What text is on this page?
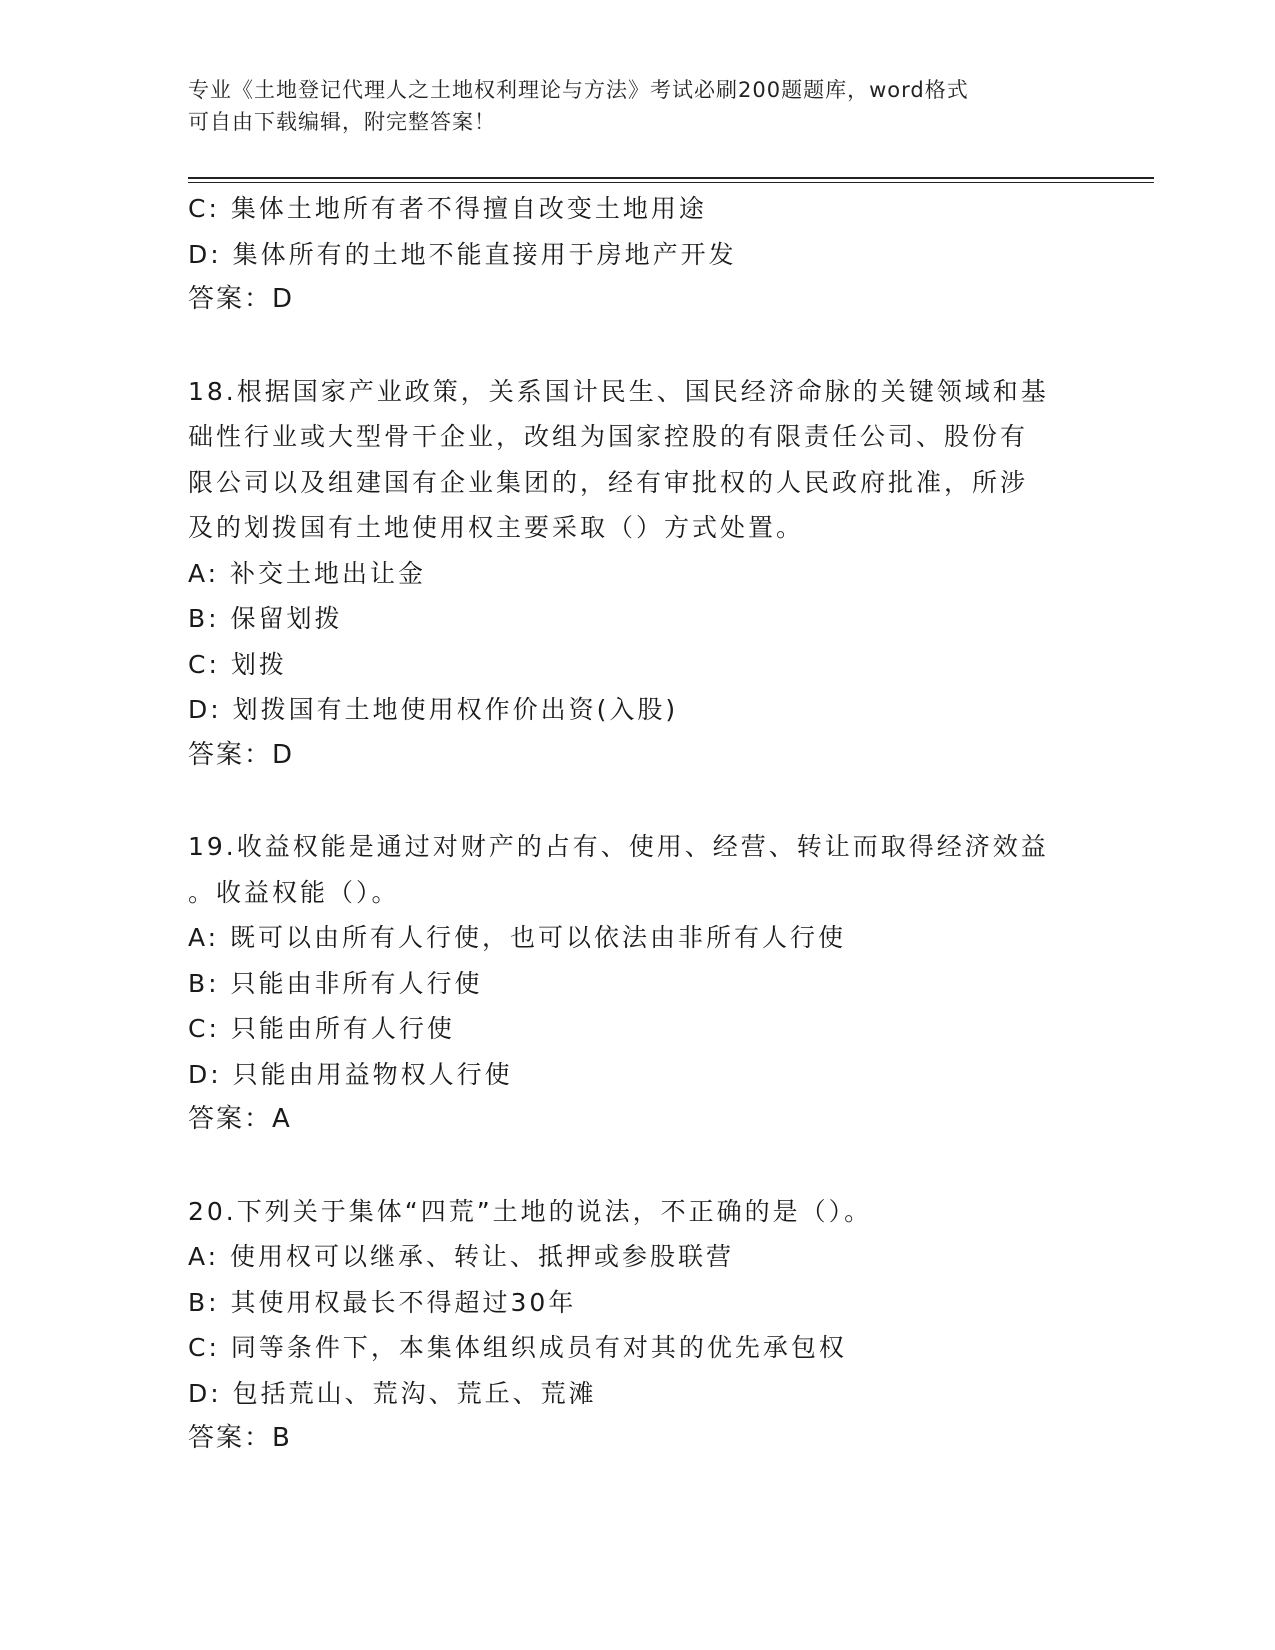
专业《土地登记代理人之土地权利理论与方法》考试必刷200题题库，word格式
可自由下载编辑，附完整答案！
C: 集体土地所有者不得擅自改变土地用途
D: 集体所有的土地不能直接用于房地产开发
答案：D
18.根据国家产业政策，关系国计民生、国民经济命脉的关键领域和基
础性行业或大型骨干企业，改组为国家控股的有限责任公司、股份有
限公司以及组建国有企业集团的，经有审批权的人民政府批准，所涉
及的划拨国有土地使用权主要采取（）方式处置。
A: 补交土地出让金
B: 保留划拨
C: 划拨
D: 划拨国有土地使用权作价出资(入股)
答案：D
19.收益权能是通过对财产的占有、使用、经营、转让而取得经济效益
。收益权能（）。
A: 既可以由所有人行使，也可以依法由非所有人行使
B: 只能由非所有人行使
C: 只能由所有人行使
D: 只能由用益物权人行使
答案：A
20.下列关于集体“四荒”土地的说法，不正确的是（）。
A: 使用权可以继承、转让、抵押或参股联营
B: 其使用权最长不得超过30年
C: 同等条件下，本集体组织成员有对其的优先承包权
D: 包括荒山、荒沟、荒丘、荒滩
答案：B
